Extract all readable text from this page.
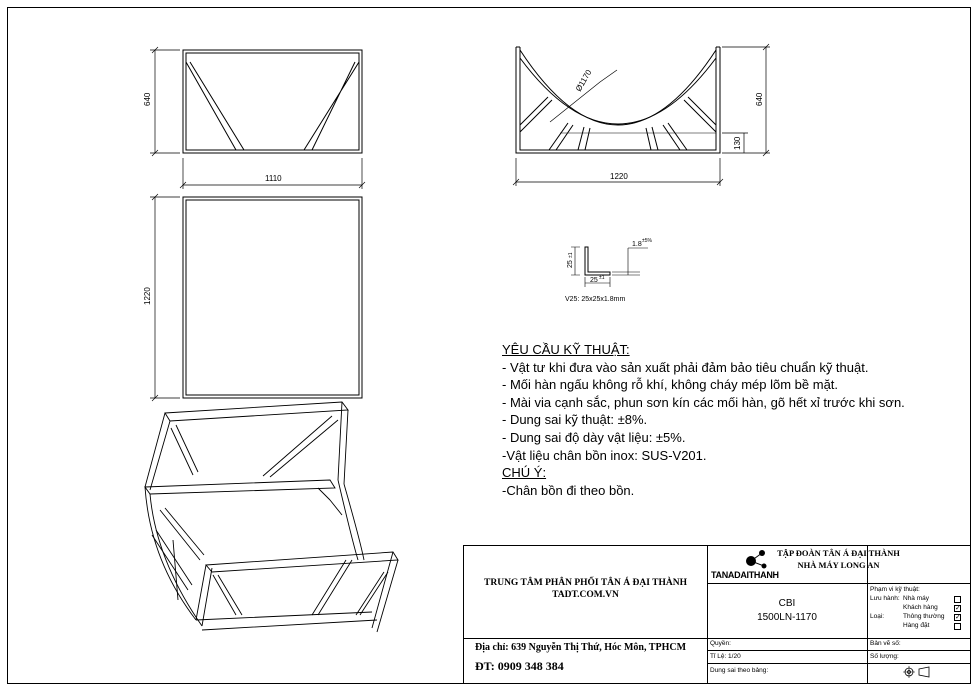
640
1110	1220
640
130
Ø1170
1220
25
±1
25 ±1
1.8 ±5%
V25: 25x25x1.8mm
YÊU CẦU KỸ THUẬT:
- Vật tư khi đưa vào sản xuất phải đảm bảo tiêu chuẩn kỹ thuật.
- Mối hàn ngấu không rỗ khí, không cháy mép lõm bề mặt.
- Mài via cạnh sắc, phun sơn kín các mối hàn, gõ hết xỉ trước khi sơn.
- Dung sai kỹ thuật: ±8%.
- Dung sai độ dày vật liệu: ±5%.
-Vật liệu chân bồn inox: SUS-V201.
CHÚ Ý:
-Chân bồn đi theo bồn.
TRUNG TÂM PHÂN PHỐI TÂN Á ĐẠI THÀNH
TADT.COM.VN
Địa chỉ: 639 Nguyễn Thị Thứ, Hóc Môn, TPHCM
ĐT: 0909 348 384
TANADAITHANH
CBI
1500LN-1170
Quyền:
Tỉ Lệ: 1/20
Dung sai theo bảng:
TẬP ĐOÀN TÂN Á ĐẠI THÀNH
NHÀ MÁY LONG AN
Phạm vi kỹ thuật:
Lưu hành: Nhà máy
Khách hàng ✓
Loại:	Thông thường ✓
Hàng đặt
Bản vẽ số:
Số lượng:
